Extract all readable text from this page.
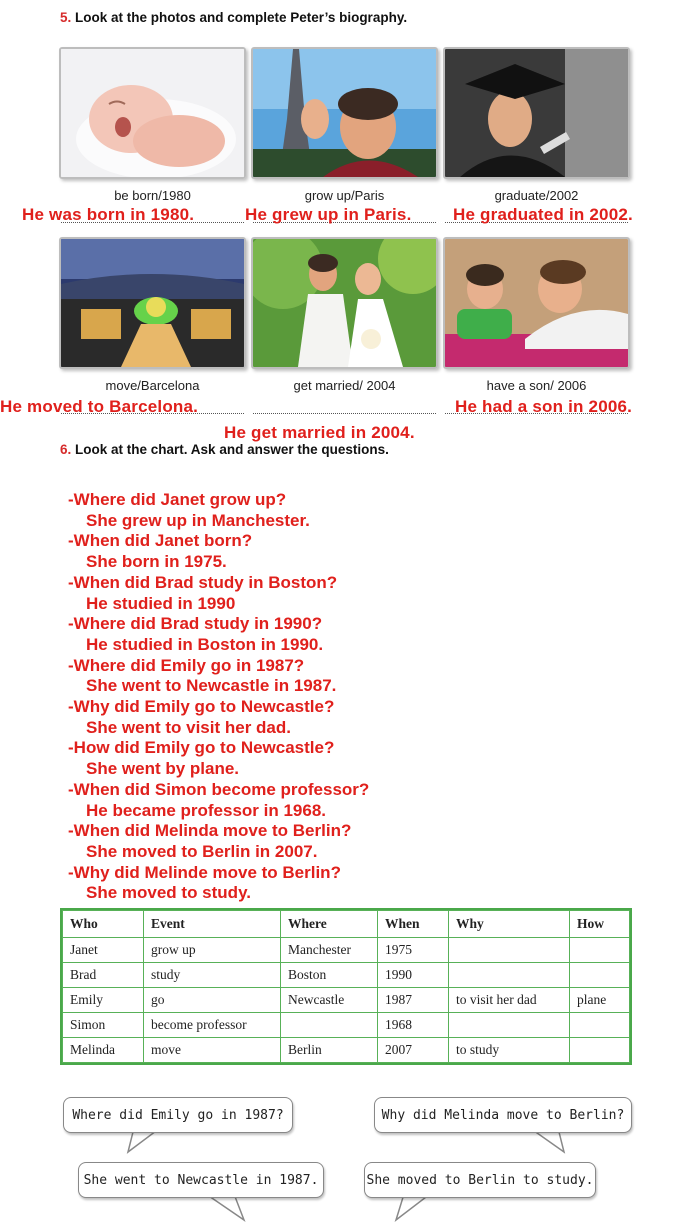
5. Look at the photos and complete Peter’s biography.
be born/1980	grow up/Paris	graduate/2002
He was born in 1980.	He grew up in Paris. He graduated in 2002.
move/Barcelona	get married/ 2004	have a son/ 2006
He moved to Barcelona.
He get married in 2004.
He had a son in 2006.
6. Look at the chart. Ask and answer the questions.
-Where did Janet grow up?
She grew up in Manchester.
-When did Janet born?
She born in 1975.
-When did Brad study in Boston?
He studied in 1990
-Where did Brad study in 1990?
He studied in Boston in 1990.
-Where did Emily go in 1987?
She went to Newcastle in 1987.
-Why did Emily go to Newcastle?
She went to visit her dad.
-How did Emily go to Newcastle?
She went by plane.
-When did Simon become professor?
He became professor in 1968.
-When did Melinda move to Berlin?
She moved to Berlin in 2007.
-Why did Melinde move to Berlin?
She moved to study.
Who	Event	Where	When	Why	How
Janet	grow up	Manchester	1975		
Brad	study	Boston	1990		
Emily	go	Newcastle	1987	to visit her dad	plane
Simon	become professor		1968		
Melinda	move	Berlin	2007	to study	
Where did Emily go in 1987?	Why did Melinda move to Berlin?
She went to Newcastle in 1987.	She moved to Berlin to study.
